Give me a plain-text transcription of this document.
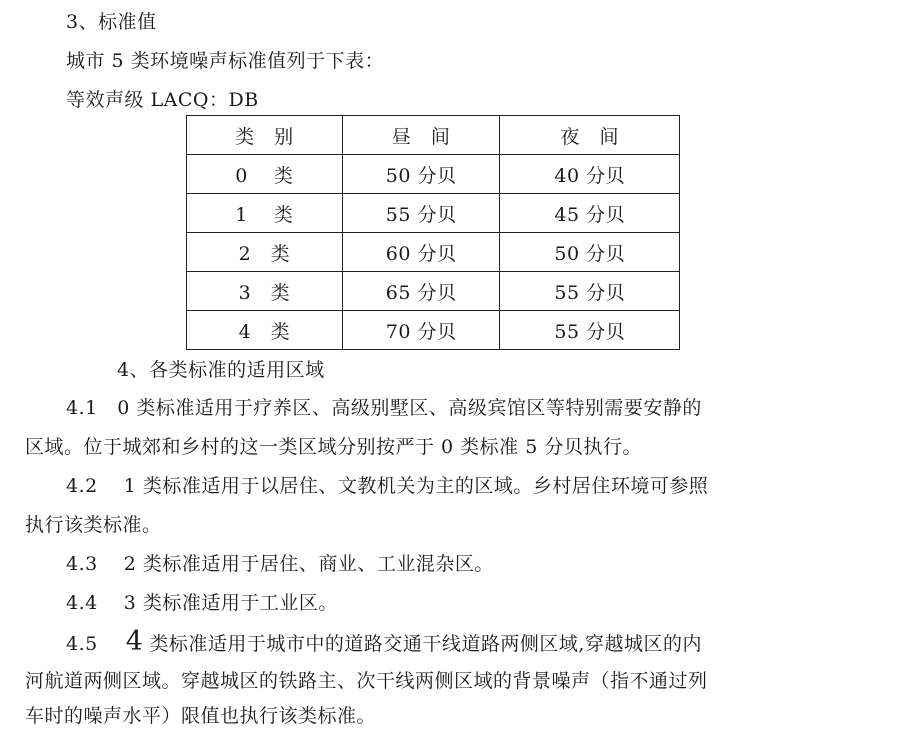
3、标准值
城市 5 类环境噪声标准值列于下表：
等效声级 LACQ：DB
类　别	昼　间	夜　间
0　 类	50 分贝	40 分贝
1　 类	55 分贝	45 分贝
2　类	60 分贝	50 分贝
3　类	65 分贝	55 分贝
4　类	70 分贝	55 分贝
4、各类标准的适用区域
4.1　0 类标准适用于疗养区、高级别墅区、高级宾馆区等特别需要安静的
区域。位于城郊和乡村的这一类区域分别按严于 0 类标准 5 分贝执行。
4.2　 1 类标准适用于以居住、文教机关为主的区域。乡村居住环境可参照
执行该类标准。
4.3　 2 类标准适用于居住、商业、工业混杂区。
4.4　 3 类标准适用于工业区。
4.5 4 类标准适用于城市中的道路交通干线道路两侧区域,穿越城区的内
河航道两侧区域。穿越城区的铁路主、次干线两侧区域的背景噪声（指不通过列
车时的噪声水平）限值也执行该类标准。
